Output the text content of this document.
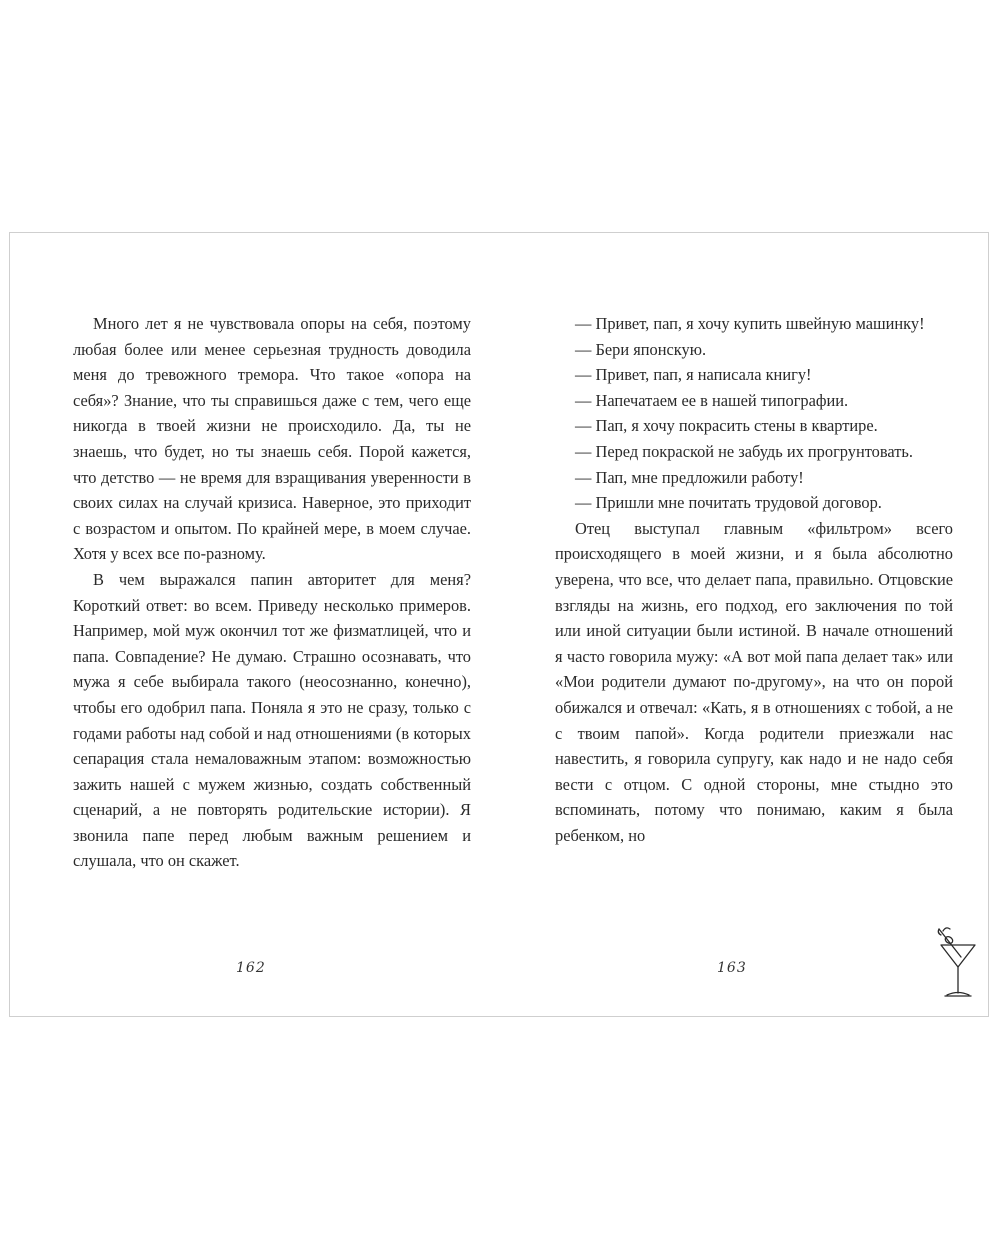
Много лет я не чувствовала опоры на себя, поэтому любая более или менее серьезная трудность доводила меня до тревожного тремора. Что такое «опора на себя»? Знание, что ты справишься даже с тем, чего еще никогда в твоей жизни не происходило. Да, ты не знаешь, что будет, но ты знаешь себя. Порой кажется, что детство — не время для взращивания уверенности в своих силах на случай кризиса. Наверное, это приходит с возрастом и опытом. По крайней мере, в моем случае. Хотя у всех все по-разному.

В чем выражался папин авторитет для меня? Короткий ответ: во всем. Приведу несколько примеров. Например, мой муж окончил тот же физматлицей, что и папа. Совпадение? Не думаю. Страшно осознавать, что мужа я себе выбирала такого (неосознанно, конечно), чтобы его одобрил папа. Поняла я это не сразу, только с годами работы над собой и над отношениями (в которых сепарация стала немаловажным этапом: возможностью зажить нашей с мужем жизнью, создать собственный сценарий, а не повторять родительские истории). Я звонила папе перед любым важным решением и слушала, что он скажет.

162

— Привет, пап, я хочу купить швейную машинку!

— Бери японскую.

— Привет, пап, я написала книгу!

— Напечатаем ее в нашей типографии.

— Пап, я хочу покрасить стены в квартире.

— Перед покраской не забудь их прогрунтовать.

— Пап, мне предложили работу!

— Пришли мне почитать трудовой договор.

Отец выступал главным «фильтром» всего происходящего в моей жизни, и я была абсолютно уверена, что все, что делает папа, правильно. Отцовские взгляды на жизнь, его подход, его заключения по той или иной ситуации были истиной. В начале отношений я часто говорила мужу: «А вот мой папа делает так» или «Мои родители думают по-другому», на что он порой обижался и отвечал: «Кать, я в отношениях с тобой, а не с твоим папой». Когда родители приезжали нас навестить, я говорила супругу, как надо и не надо себя вести с отцом. С одной стороны, мне стыдно это вспоминать, потому что понимаю, каким я была ребенком, но

163
